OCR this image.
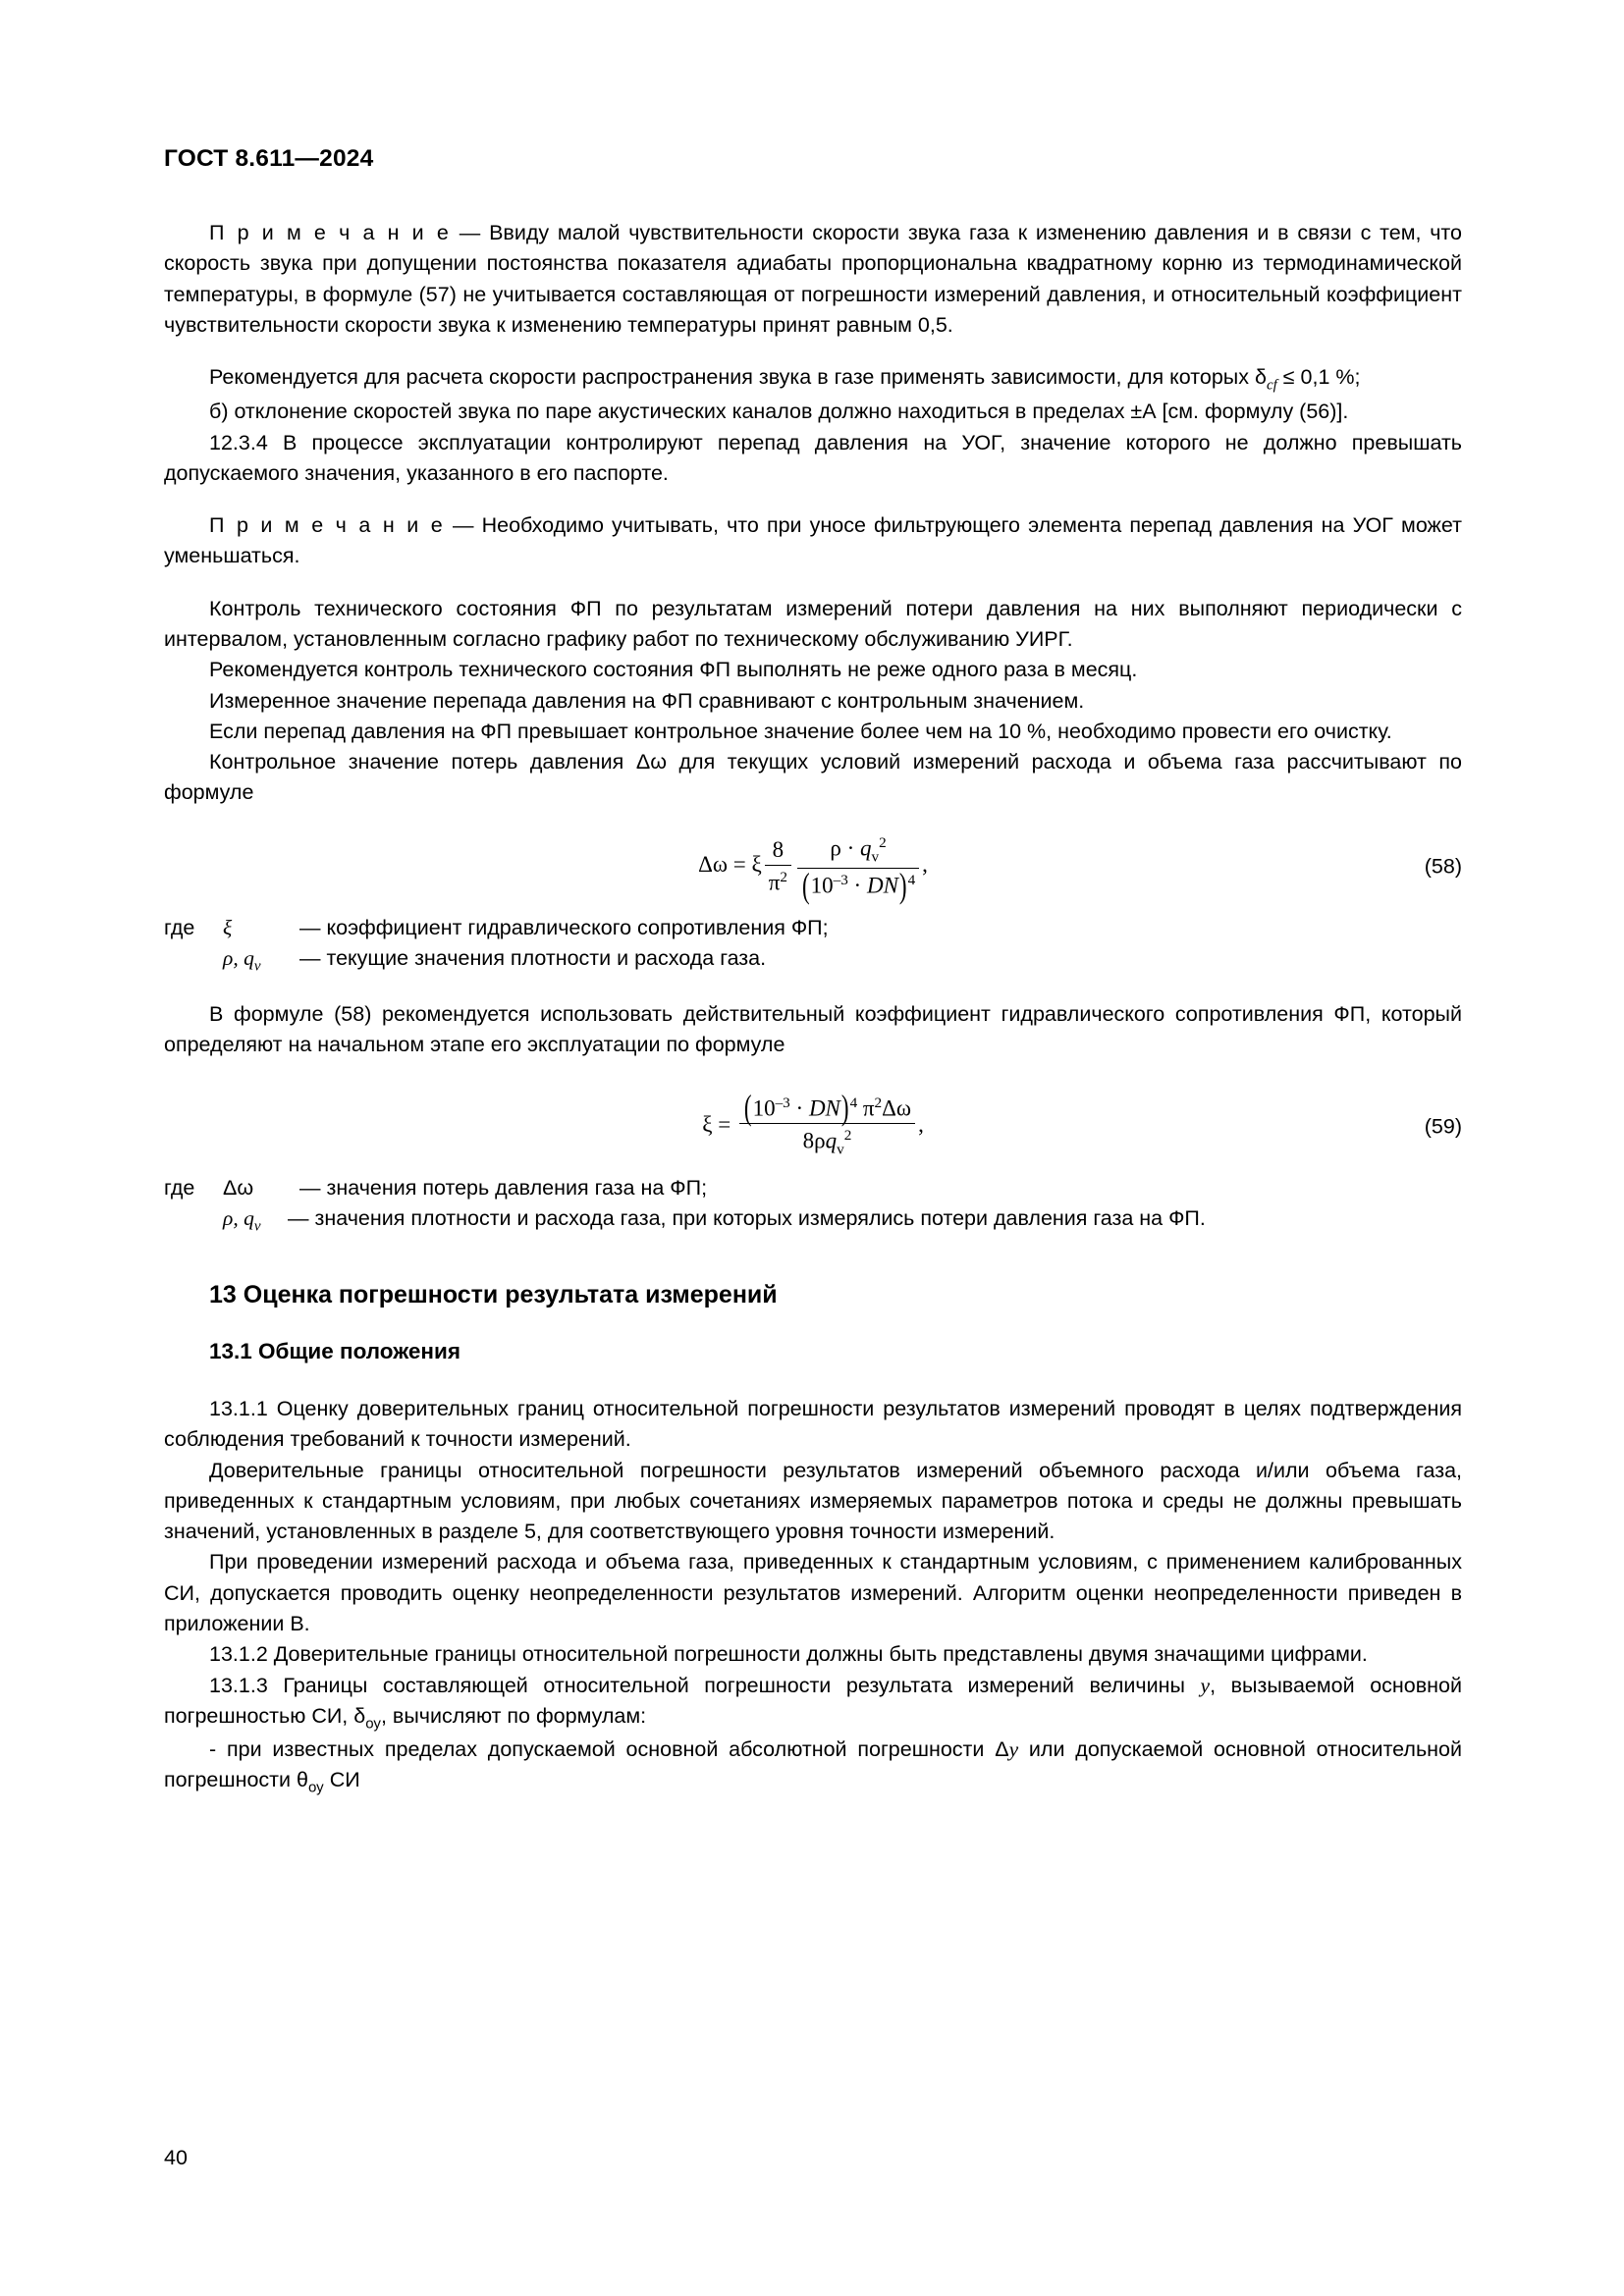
ГОСТ 8.611—2024

П р и м е ч а н и е — Ввиду малой чувствительности скорости звука газа к изменению давления и в связи с тем, что скорость звука при допущении постоянства показателя адиабаты пропорциональна квадратному корню из термодинамической температуры, в формуле (57) не учитывается составляющая от погрешности измерений давления, и относительный коэффициент чувствительности скорости звука к изменению температуры принят равным 0,5.

Рекомендуется для расчета скорости распространения звука в газе применять зависимости, для которых $\delta_{сf} \le 0,1$ %;

б) отклонение скоростей звука по паре акустических каналов должно находиться в пределах ±А [см. формулу (56)].

12.3.4 В процессе эксплуатации контролируют перепад давления на УОГ, значение которого не должно превышать допускаемого значения, указанного в его паспорте.

П р и м е ч а н и е — Необходимо учитывать, что при уносе фильтрующего элемента перепад давления на УОГ может уменьшаться.

Контроль технического состояния ФП по результатам измерений потери давления на них выполняют периодически с интервалом, установленным согласно графику работ по техническому обслуживанию УИРГ.

Рекомендуется контроль технического состояния ФП выполнять не реже одного раза в месяц.

Измеренное значение перепада давления на ФП сравнивают с контрольным значением.

Если перепад давления на ФП превышает контрольное значение более чем на 10 %, необходимо провести его очистку.

Контрольное значение потерь давления Δω для текущих условий измерений расхода и объема газа рассчитывают по формуле

Δω = ξ $\frac{8}{\pi^2} \frac{\rho \cdot q_v^2}{(10^{-3} \cdot DN)^4}$ ,	(58)
где ξ	— коэффициент гидравлического сопротивления ФП;
ρ, $q_v$ — текущие значения плотности и расхода газа.

В формуле (58) рекомендуется использовать действительный коэффициент гидравлического сопротивления ФП, который определяют на начальном этапе его эксплуатации по формуле

$\xi = \frac{(10^{-3} \cdot DN)^4 \pi^2\Delta\omega}{8\rho q_v^2}$ ,	(59)
где Δω — значения потерь давления газа на ФП;
ρ, $q_v$ — значения плотности и расхода газа, при которых измерялись потери давления газа на ФП.
13 Оценка погрешности результата измерений
13.1 Общие положения

13.1.1 Оценку доверительных границ относительной погрешности результатов измерений проводят в целях подтверждения соблюдения требований к точности измерений.

Доверительные границы относительной погрешности результатов измерений объемного расхода и/или объема газа, приведенных к стандартным условиям, при любых сочетаниях измеряемых параметров потока и среды не должны превышать значений, установленных в разделе 5, для соответствующего уровня точности измерений.

При проведении измерений расхода и объема газа, приведенных к стандартным условиям, с применением калиброванных СИ, допускается проводить оценку неопределенности результатов измерений. Алгоритм оценки неопределенности приведен в приложении В.

13.1.2 Доверительные границы относительной погрешности должны быть представлены двумя значащими цифрами.

13.1.3 Границы составляющей относительной погрешности результата измерений величины y, вызываемой основной погрешностью СИ, $\delta_{оу}$, вычисляют по формулам:

- при известных пределах допускаемой основной абсолютной погрешности Δy или допускаемой основной относительной погрешности $\theta_{оу}$ СИ

40
